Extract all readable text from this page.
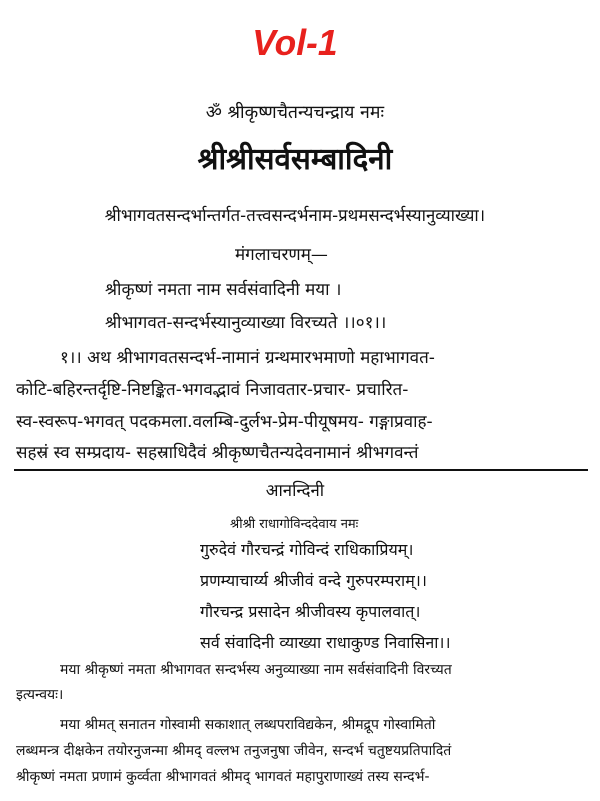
Vol-1
ॐ श्रीकृष्णचैतन्यचन्द्राय नमः
श्रीश्रीसर्वसम्बादिनी
श्रीभागवतसन्दर्भान्तर्गत-तत्त्वसन्दर्भनाम-प्रथमसन्दर्भस्यानुव्याख्या।
मंगलाचरणम्—
श्रीकृष्णं नमता नाम सर्वसंवादिनी मया ।
श्रीभागवत-सन्दर्भस्यानुव्याख्या विरच्यते ।।०१।।
१।। अथ श्रीभागवतसन्दर्भ-नामानं ग्रन्थमारभमाणो महाभागवत-
कोटि-बहिरन्तर्दृष्टि-निष्टङ्कित-भगवद्भावं निजावतार-प्रचार- प्रचारित-
स्व-स्वरूप-भगवत् पदकमला.वलम्बि-दुर्लभ-प्रेम-पीयूषमय- गङ्गाप्रवाह-
सहस्रं स्व सम्प्रदाय- सहस्राधिदैवं श्रीकृष्णचैतन्यदेवनामानं श्रीभगवन्तं
आनन्दिनी
श्रीश्री राधागोविन्ददेवाय नमः
गुरुदेवं गौरचन्द्रं गोविन्दं राधिकाप्रियम्।
प्रणम्याचार्य्य श्रीजीवं वन्दे गुरुपरम्पराम्।।
गौरचन्द्र प्रसादेन श्रीजीवस्य कृपालवात्।
सर्व संवादिनी व्याख्या राधाकुण्ड निवासिना।।
मया श्रीकृष्णं नमता श्रीभागवत सन्दर्भस्य अनुव्याख्या नाम सर्वसंवादिनी विरच्यत
इत्यन्वयः।
मया श्रीमत् सनातन गोस्वामी सकाशात् लब्धपराविद्यकेन, श्रीमद्रूप गोस्वामितो
लब्धमन्त्र दीक्षकेन तयोरनुजन्मा श्रीमद् वल्लभ तनुजनुषा जीवेन, सन्दर्भ चतुष्टयप्रतिपादितं
श्रीकृष्णं नमता प्रणामं कुर्व्वता श्रीभागवतं श्रीमद् भागवतं महापुराणाख्यं तस्य सन्दर्भ-
